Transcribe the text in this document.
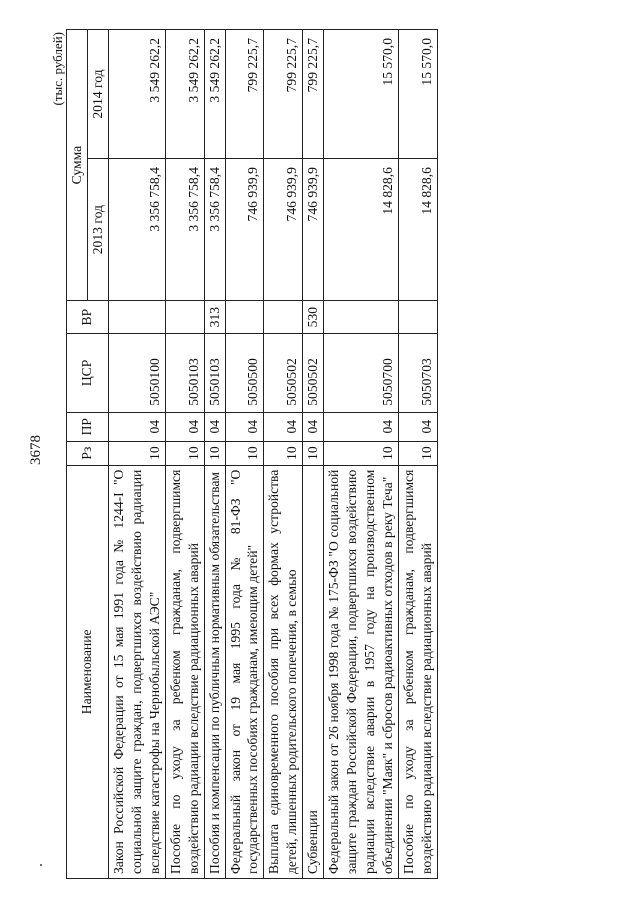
3678
(тыс. рублей)
Наименование	Рз	ПР	ЦСР	ВР	Сумма	
					2013 год	2014 год
Закон Российской Федерации от 15 мая 1991 года № 1244-I "О социальной защите граждан, подвергшихся воздействию радиации вследствие катастрофы на Чернобыльской АЭС"	10	04	5050100		3 356 758,4	3 549 262,2
Пособие по уходу за ребенком гражданам, подвергшимся воздействию радиации вследствие радиационных аварий	10	04	5050103		3 356 758,4	3 549 262,2
Пособия и компенсации по публичным нормативным обязательствам	10	04	5050103	313	3 356 758,4	3 549 262,2
Федеральный закон от 19 мая 1995 года № 81-ФЗ "О государственных пособиях гражданам, имеющим детей"	10	04	5050500		746 939,9	799 225,7
Выплата единовременного пособия при всех формах устройства детей, лишенных родительского попечения, в семью	10	04	5050502		746 939,9	799 225,7
Субвенции	10	04	5050502	530	746 939,9	799 225,7
Федеральный закон от 26 ноября 1998 года № 175-ФЗ "О социальной защите граждан Российской Федерации, подвергшихся воздействию радиации вследствие аварии в 1957 году на производственном объединении "Маяк" и сбросов радиоактивных отходов в реку Теча"	10	04	5050700		14 828,6	15 570,0
Пособие по уходу за ребенком гражданам, подвергшимся воздействию радиации вследствие радиационных аварий	10	04	5050703		14 828,6	15 570,0
